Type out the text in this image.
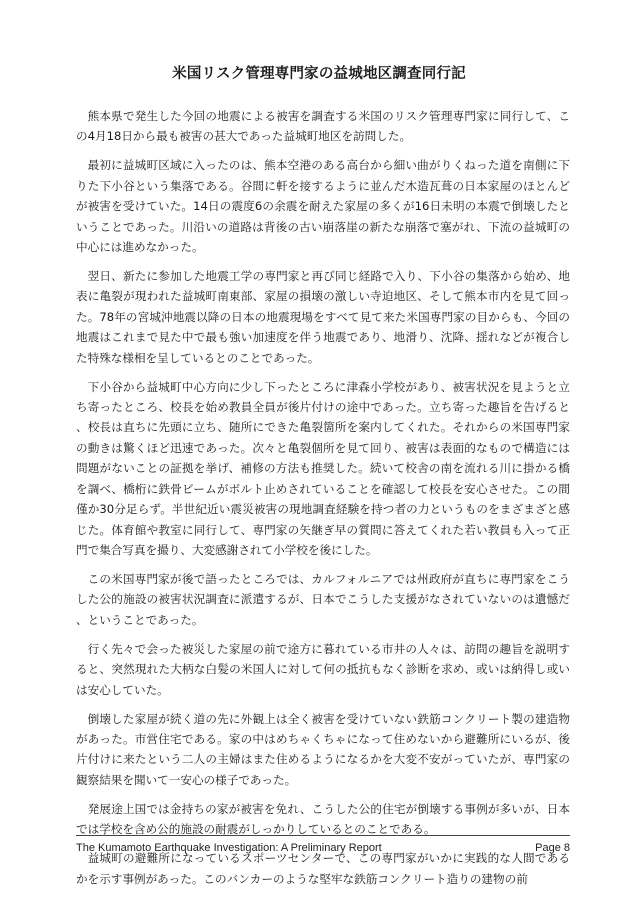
米国リスク管理専門家の益城地区調査同行記

熊本県で発生した今回の地震による被害を調査する米国のリスク管理専門家に同行して、この4月18日から最も被害の甚大であった益城町地区を訪問した。

最初に益城町区域に入ったのは、熊本空港のある高台から細い曲がりくねった道を南側に下りた下小谷という集落である。谷間に軒を接するように並んだ木造瓦葺の日本家屋のほとんどが被害を受けていた。14日の震度6の余震を耐えた家屋の多くが16日未明の本震で倒壊したということであった。川沿いの道路は背後の古い崩落崖の新たな崩落で塞がれ、下流の益城町の中心には進めなかった。

翌日、新たに参加した地震工学の専門家と再び同じ経路で入り、下小谷の集落から始め、地表に亀裂が現われた益城町南東部、家屋の損壊の激しい寺迫地区、そして熊本市内を見て回った。78年の宮城沖地震以降の日本の地震現場をすべて見て来た米国専門家の目からも、今回の地震はこれまで見た中で最も強い加速度を伴う地震であり、地滑り、沈降、揺れなどが複合した特殊な様相を呈しているとのことであった。

下小谷から益城町中心方向に少し下ったところに津森小学校があり、被害状況を見ようと立ち寄ったところ、校長を始め教員全員が後片付けの途中であった。立ち寄った趣旨を告げると、校長は直ちに先頭に立ち、随所にできた亀裂箇所を案内してくれた。それからの米国専門家の動きは驚くほど迅速であった。次々と亀裂個所を見て回り、被害は表面的なもので構造には問題がないことの証拠を挙げ、補修の方法も推奨した。続いて校舎の南を流れる川に掛かる橋を調べ、橋桁に鉄骨ビームがボルト止めされていることを確認して校長を安心させた。この間僅か30分足らず。半世紀近い震災被害の現地調査経験を持つ者の力というものをまざまざと感じた。体育館や教室に同行して、専門家の矢継ぎ早の質問に答えてくれた若い教員も入って正門で集合写真を撮り、大変感謝されて小学校を後にした。

この米国専門家が後で語ったところでは、カルフォルニアでは州政府が直ちに専門家をこうした公的施設の被害状況調査に派遣するが、日本でこうした支援がなされていないのは遺憾だ、ということであった。

行く先々で会った被災した家屋の前で途方に暮れている市井の人々は、訪問の趣旨を説明すると、突然現れた大柄な白髪の米国人に対して何の抵抗もなく診断を求め、或いは納得し或いは安心していた。

倒壊した家屋が続く道の先に外観上は全く被害を受けていない鉄筋コンクリート製の建造物があった。市営住宅である。家の中はめちゃくちゃになって住めないから避難所にいるが、後片付けに来たという二人の主婦はまた住めるようになるかを大変不安がっていたが、専門家の観察結果を聞いて一安心の様子であった。

発展途上国では金持ちの家が被害を免れ、こうした公的住宅が倒壊する事例が多いが、日本では学校を含め公的施設の耐震がしっかりしているとのことである。

益城町の避難所になっているスポーツセンターで、この専門家がいかに実践的な人間であるかを示す事例があった。このバンカーのような堅牢な鉄筋コンクリート造りの建物の前

The Kumamoto Earthquake Investigation: A Preliminary Report	Page 8
